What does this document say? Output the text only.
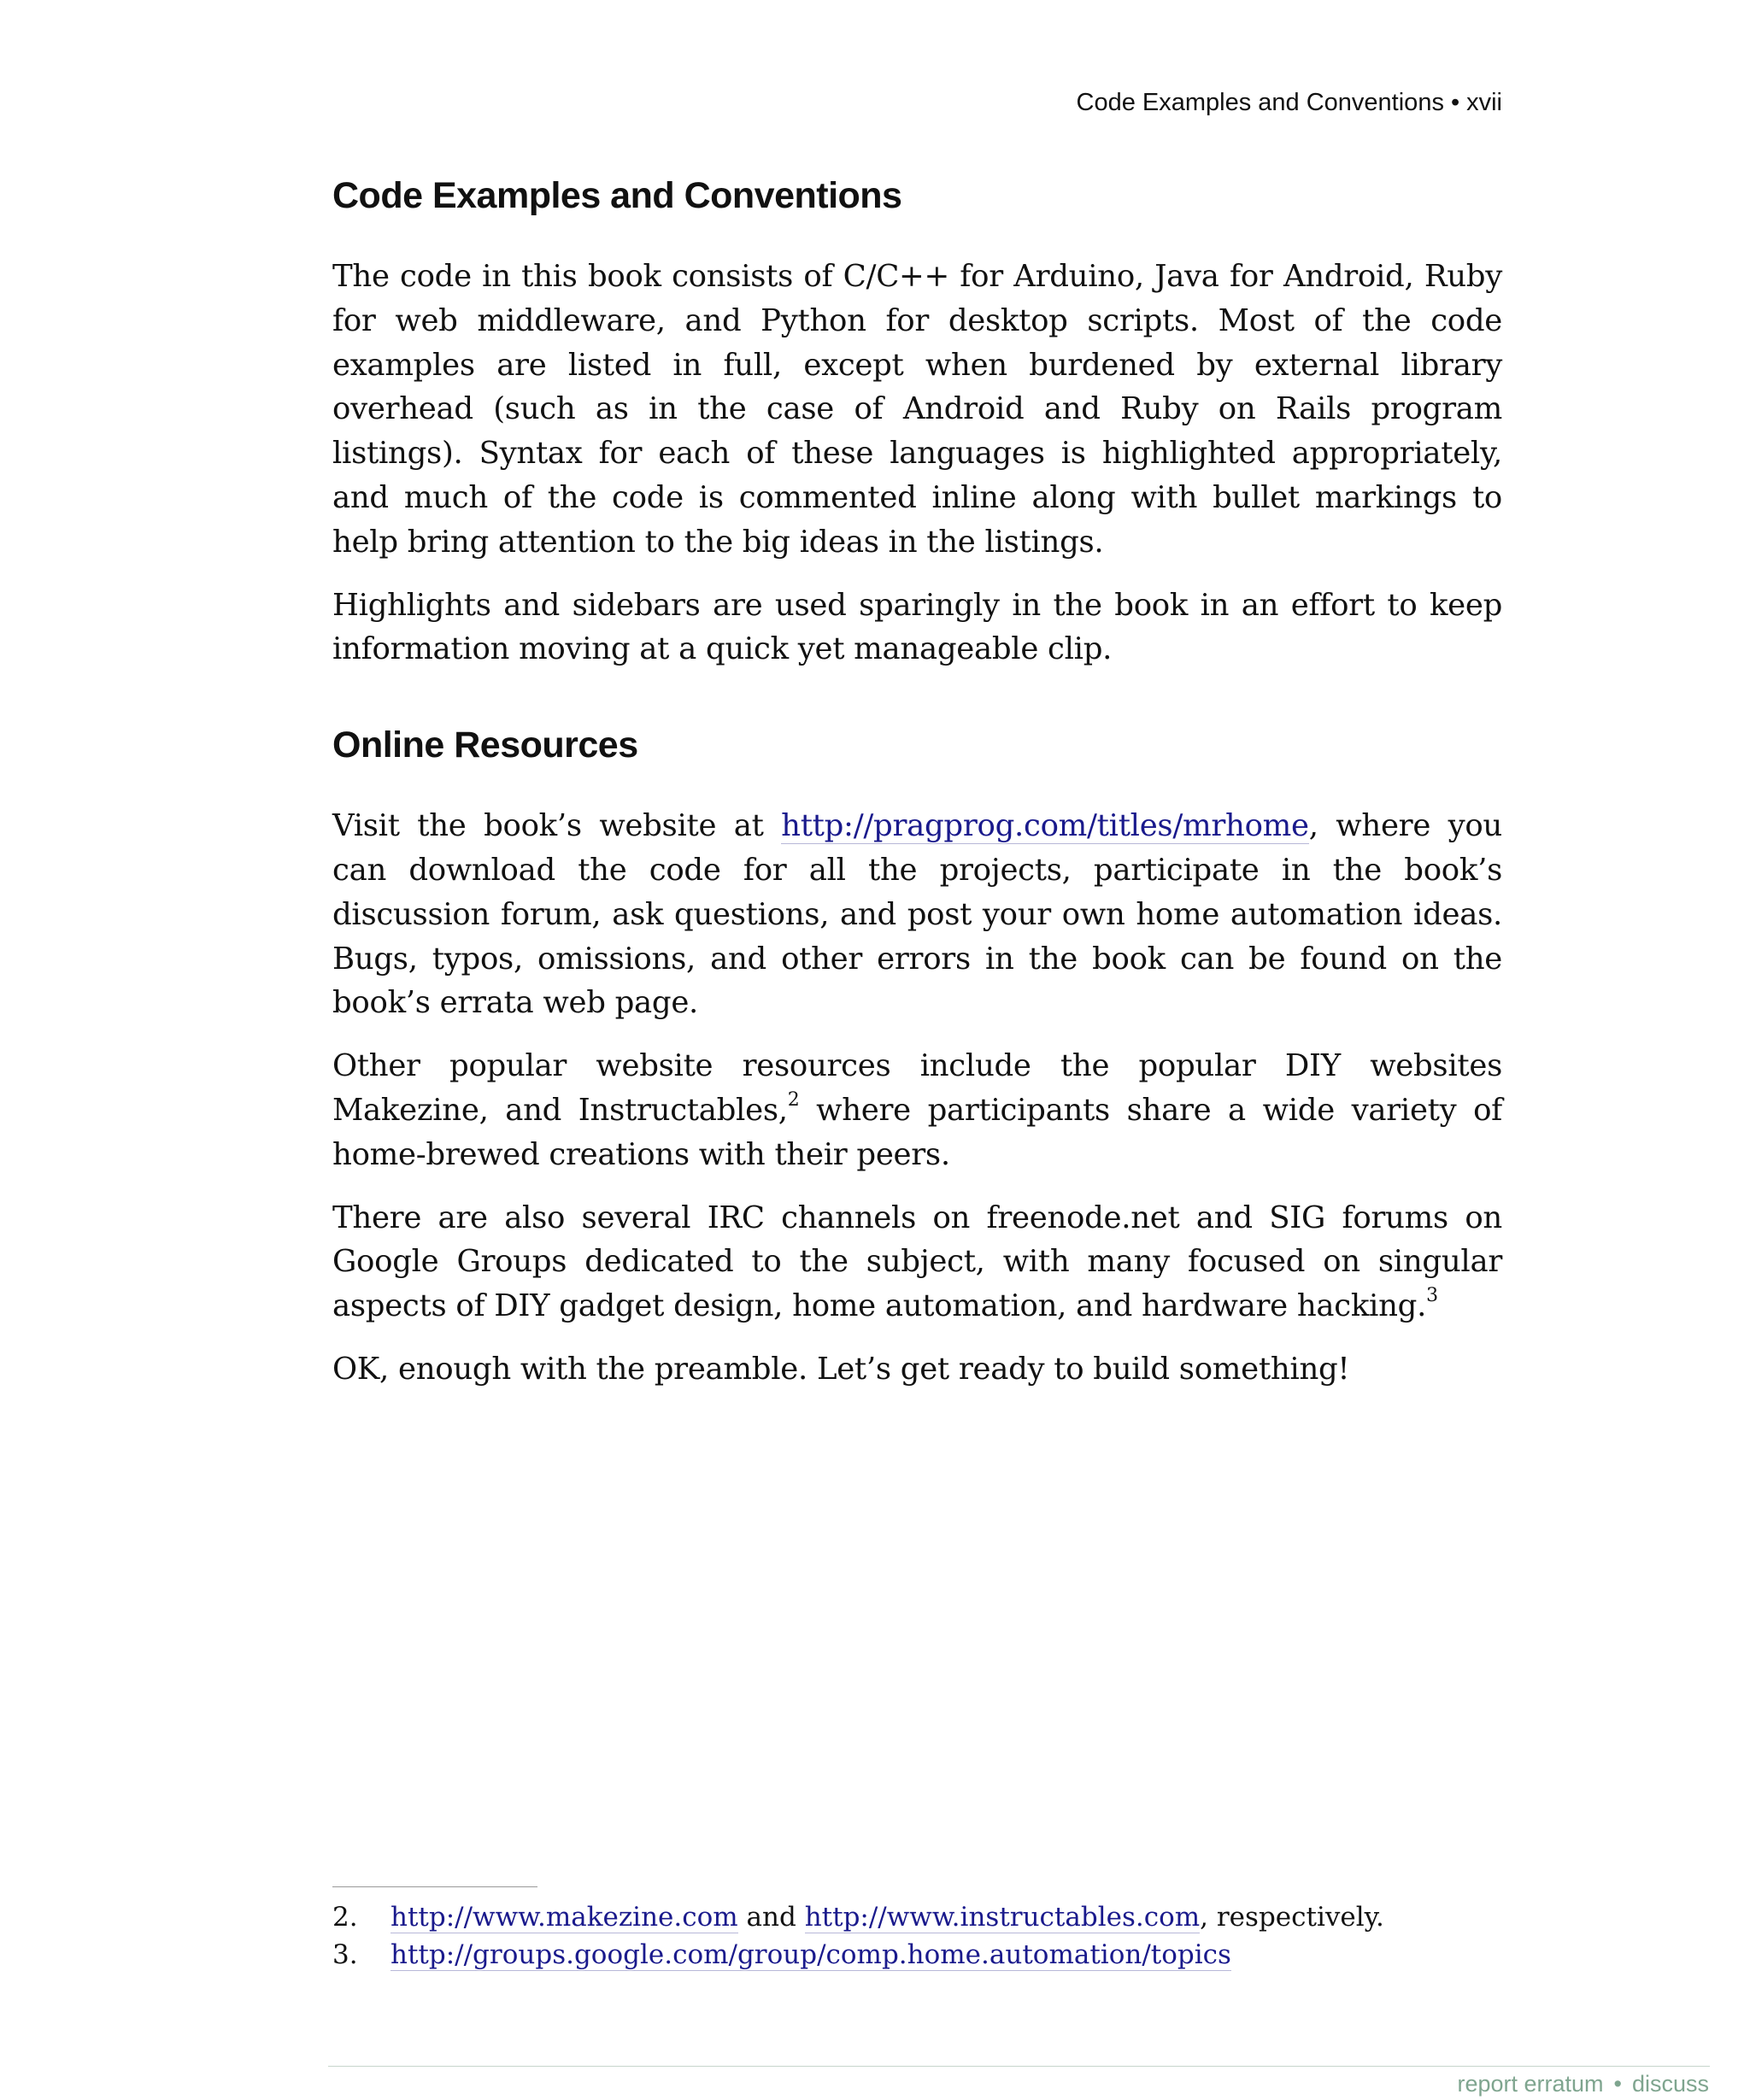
Code Examples and Conventions • xvii
Code Examples and Conventions

The code in this book consists of C/C++ for Arduino, Java for Android, Ruby for web middleware, and Python for desktop scripts. Most of the code examples are listed in full, except when burdened by external library overhead (such as in the case of Android and Ruby on Rails program listings). Syntax for each of these languages is highlighted appropriately, and much of the code is commented inline along with bullet markings to help bring attention to the big ideas in the listings.

Highlights and sidebars are used sparingly in the book in an effort to keep information moving at a quick yet manageable clip.

Online Resources

Visit the book’s website at http://pragprog.com/titles/mrhome, where you can download the code for all the projects, participate in the book’s discussion forum, ask questions, and post your own home automation ideas. Bugs, typos, omissions, and other errors in the book can be found on the book’s errata web page.

Other popular website resources include the popular DIY websites Makezine, and Instructables,$^2$ where participants share a wide variety of home-brewed creations with their peers.

There are also several IRC channels on freenode.net and SIG forums on Google Groups dedicated to the subject, with many focused on singular aspects of DIY gadget design, home automation, and hardware hacking.$^3$

OK, enough with the preamble. Let’s get ready to build something!

2.	http://www.makezine.com and http://www.instructables.com, respectively.
3.	http://groups.google.com/group/comp.home.automation/topics
report erratum • discuss
